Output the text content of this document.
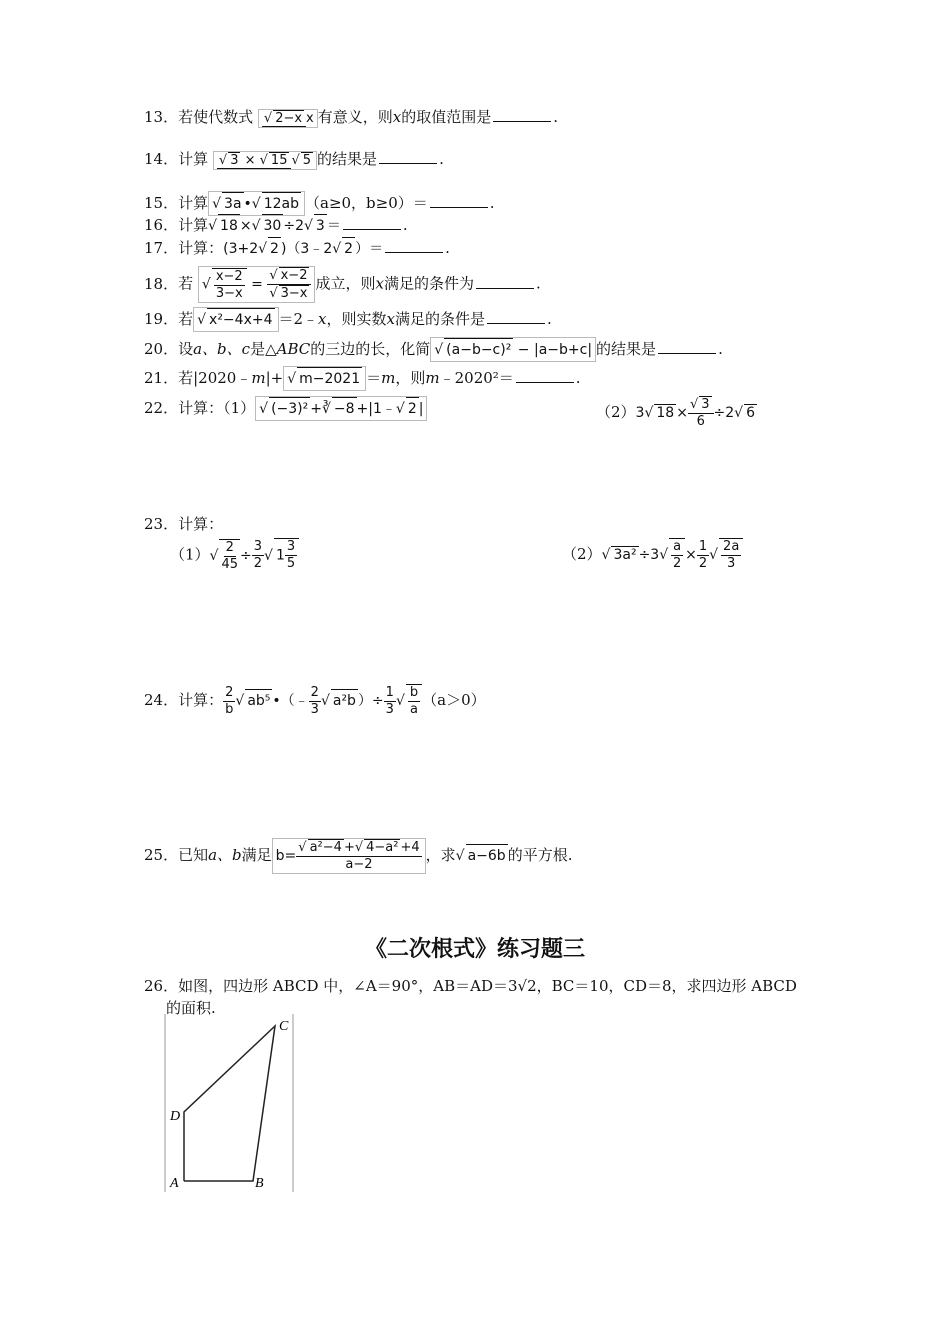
13．若使代数式 √ 2−x x 有意义，则x的取值范围是	.
14．计算 √ 3 × √ 15 √ 5 的结果是	.
15．计算 √ 3a •√ 12ab （a≥0，b≥0）＝	.
16．计算√ 18 ×√ 30 ÷2√ 3 ＝	.
17．计算：(3+2√ 2 )（3﹣2√ 2 ）＝	.
18．若 √ $\frac{x-2}{3-x} = \frac{√ x-2}{√ 3-x}$ 成立，则x满足的条件为	.
19．若 √ x²−4x+4 ＝2﹣x，则实数x满足的条件是	.
20．设a、b、c是△ABC的三边的长，化简 √ (a−b−c)² − |a−b+c| 的结果是	.
21．若|2020﹣m|+ √ m−2021 ＝m，则m﹣2020²＝	.
22．计算：（1） √ (−3)² +∛ −8 +|1﹣√ 2 |	（2）3√ $18 \times \frac{√ 3}{6} \div 2√$ 6
23．计算：
$(1)√ \frac{2}{45} \div \frac{3}{2}$ √ $1 \frac{3}{5}$	（2）√ $3a^2 \div 3√ \frac{a}{2} \times \frac{1}{2}$ √ $\frac{2a}{3}$
24．计算： $\frac{2}{b}$ √ ab⁵ •（﹣ $\frac{2}{3}$ √ a²b ）÷ $\frac{1}{3}$ √ $\frac{b}{a} (a>0)$
25．已知a、b满足 $b= \frac{\text{√ a²−4 +√ 4−a² +4}}{a-2}$ ，求√ a−6b 的平方根.
《二次根式》练习题三
26．如图，四边形 ABCD 中，∠A＝90°，AB＝AD＝3√2，BC＝10，CD＝8，求四边形 ABCD
的面积.
D
A	B
C
